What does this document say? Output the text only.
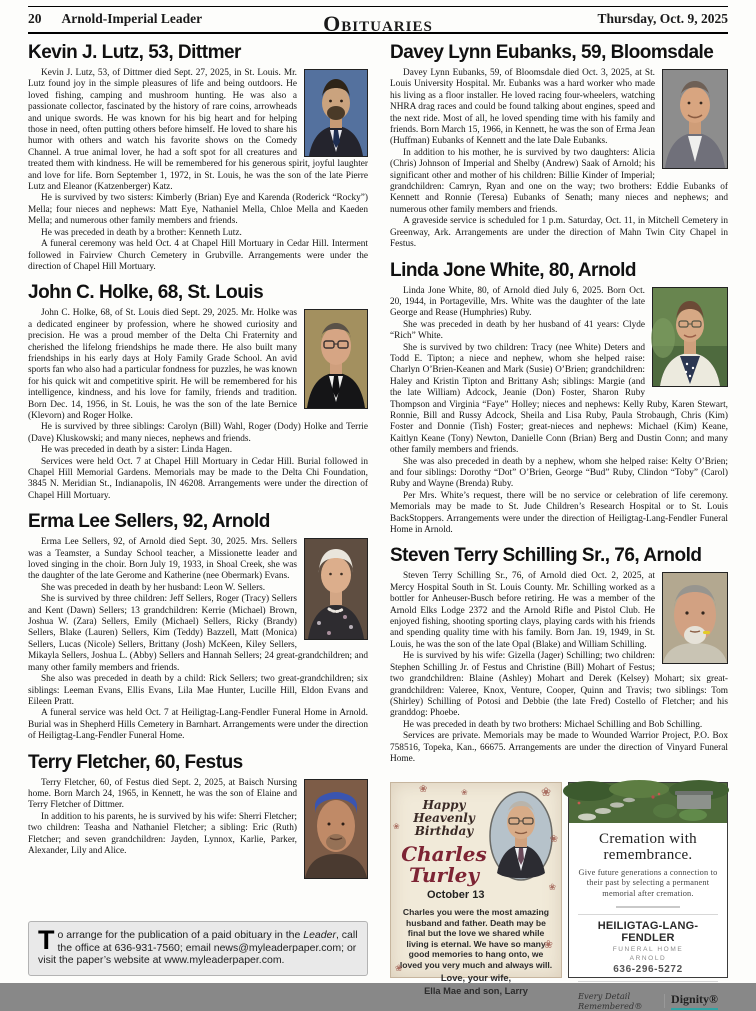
20 Arnold-Imperial Leader	Obituaries	Thursday, Oct. 9, 2025
Kevin J. Lutz, 53, Dittmer

Kevin J. Lutz, 53, of Dittmer died Sept. 27, 2025, in St. Louis. Mr. Lutz found joy in the simple pleasures of life and being outdoors. He loved fishing, camping and mushroom hunting. He was also a passionate collector, fascinated by the history of rare coins, arrowheads and unique swords. He was known for his big heart and for helping those in need, often putting others before himself. He loved to share his humor with others and watch his favorite shows on the Comedy Channel. A true animal lover, he had a soft spot for all creatures and treated them with kindness. He will be remembered for his generous spirit, joyful laughter and love for life. Born September 1, 1972, in St. Louis, he was the son of the late Pierre Lutz and Eleanor (Katzenberger) Katz.

He is survived by two sisters: Kimberly (Brian) Eye and Karenda (Roderick “Rocky”) Mella; four nieces and nephews: Matt Eye, Nathaniel Mella, Chloe Mella and Kaeden Mella; and numerous other family members and friends.

He was preceded in death by a brother: Kenneth Lutz.

A funeral ceremony was held Oct. 4 at Chapel Hill Mortuary in Cedar Hill. Interment followed in Fairview Church Cemetery in Grubville. Arrangements were under the direction of Chapel Hill Mortuary.

John C. Holke, 68, St. Louis

John C. Holke, 68, of St. Louis died Sept. 29, 2025. Mr. Holke was a dedicated engineer by profession, where he showed curiosity and precision. He was a proud member of the Delta Chi Fraternity and cherished the lifelong friendships he made there. He also built many friendships in his early days at Holy Family Grade School. An avid sports fan who also had a particular fondness for puzzles, he was known for his quick wit and competitive spirit. He will be remembered for his intelligence, kindness, and his love for family, friends and tradition. Born Dec. 14, 1956, in St. Louis, he was the son of the late Bernice (Klevorn) and Roger Holke.

He is survived by three siblings: Carolyn (Bill) Wahl, Roger (Dody) Holke and Terrie (Dave) Kluskowski; and many nieces, nephews and friends.

He was preceded in death by a sister: Linda Hagen.

Services were held Oct. 7 at Chapel Hill Mortuary in Cedar Hill. Burial followed in Chapel Hill Memorial Gardens. Memorials may be made to the Delta Chi Foundation, 3845 N. Meridian St., Indianapolis, IN 46208. Arrangements were under the direction of Chapel Hill Mortuary.

Erma Lee Sellers, 92, Arnold

Erma Lee Sellers, 92, of Arnold died Sept. 30, 2025. Mrs. Sellers was a Teamster, a Sunday School teacher, a Missionette leader and loved singing in the choir. Born July 19, 1933, in Shoal Creek, she was the daughter of the late Gerome and Katherine (nee Obermark) Evans.

She was preceded in death by her husband: Leon W. Sellers.

She is survived by three children: Jeff Sellers, Roger (Tracy) Sellers and Kent (Dawn) Sellers; 13 grandchildren: Kerrie (Michael) Brown, Joshua W. (Zara) Sellers, Emily (Michael) Sellers, Ricky (Brandy) Sellers, Blake (Lauren) Sellers, Kim (Teddy) Bazzell, Matt (Monica) Sellers, Lucas (Nicole) Sellers, Brittany (Josh) McKeen, Kiley Sellers, Mikayla Sellers, Joshua L. (Abby) Sellers and Hannah Sellers; 24 great-grandchildren; and many other family members and friends.

She also was preceded in death by a child: Rick Sellers; two great-grandchildren; six siblings: Leeman Evans, Ellis Evans, Lila Mae Hunter, Lucille Hill, Eldon Evans and Eileen Pratt.

A funeral service was held Oct. 7 at Heiligtag-Lang-Fendler Funeral Home in Arnold. Burial was in Shepherd Hills Cemetery in Barnhart. Arrangements were under the direction of Heiligtag-Lang-Fendler Funeral Home.

Terry Fletcher, 60, Festus

Terry Fletcher, 60, of Festus died Sept. 2, 2025, at Baisch Nursing home. Born March 24, 1965, in Kennett, he was the son of Elaine and Terry Fletcher of Dittmer.

In addition to his parents, he is survived by his wife: Sherri Fletcher; two children: Teasha and Nathaniel Fletcher; a sibling: Eric (Ruth) Fletcher; and seven grandchildren: Jayden, Lynnox, Karlie, Parker, Alexander, Lily and Alice.

To arrange for the publication of a paid obituary in the Leader, call the office at 636-931-7560; email news@myleaderpaper.com; or visit the paper’s website at www.myleaderpaper.com.
Davey Lynn Eubanks, 59, Bloomsdale

Davey Lynn Eubanks, 59, of Bloomsdale died Oct. 3, 2025, at St. Louis University Hospital. Mr. Eubanks was a hard worker who made his living as a floor installer. He loved racing four-wheelers, watching NHRA drag races and could be found talking about engines, speed and the next ride. Most of all, he loved spending time with his family and friends. Born March 15, 1966, in Kennett, he was the son of Erma Jean (Huffman) Eubanks of Kennett and the late Dale Eubanks.

In addition to his mother, he is survived by two daughters: Alicia (Chris) Johnson of Imperial and Shelby (Andrew) Saak of Arnold; his significant other and mother of his children: Billie Kinder of Imperial; grandchildren: Camryn, Ryan and one on the way; two brothers: Eddie Eubanks of Kennett and Ronnie (Teresa) Eubanks of Senath; many nieces and nephews; and numerous other family members and friends.

A graveside service is scheduled for 1 p.m. Saturday, Oct. 11, in Mitchell Cemetery in Greenway, Ark. Arrangements are under the direction of Mahn Twin City Chapel in Festus.

Linda Jone White, 80, Arnold

Linda Jone White, 80, of Arnold died July 6, 2025. Born Oct. 20, 1944, in Portageville, Mrs. White was the daughter of the late George and Rease (Humphries) Ruby.

She was preceded in death by her husband of 41 years: Clyde “Rich” White.

She is survived by two children: Tracy (nee White) Deters and Todd E. Tipton; a niece and nephew, whom she helped raise: Charlyn O’Brien-Keanen and Mark (Susie) O’Brien; grandchildren: Haley and Kristin Tipton and Brittany Ash; siblings: Margie (and the late William) Adcock, Jeanie (Don) Foster, Sharon Ruby Thompson and Virginia “Faye” Holley; nieces and nephews: Kelly Ruby, Karen Stewart, Ronnie, Bill and Russy Adcock, Sheila and Lisa Ruby, Paula Strobaugh, Chris (Kim) Foster and Donnie (Tish) Foster; great-nieces and nephews: Michael (Kim) Keane, Kaitlyn Keane (Tony) Newton, Danielle Conn (Brian) Berg and Dustin Conn; and many other family members and friends.

She was also preceded in death by a nephew, whom she helped raise: Kelty O’Brien; and four siblings: Dorothy “Dot” O’Brien, George “Bud” Ruby, Clindon “Toby” (Carol) Ruby and Wayne (Brenda) Ruby.

Per Mrs. White’s request, there will be no service or celebration of life ceremony. Memorials may be made to St. Jude Children’s Research Hospital or to St. Louis BackStoppers. Arrangements were under the direction of Heiligtag-Lang-Fendler Funeral Home in Arnold.

Steven Terry Schilling Sr., 76, Arnold

Steven Terry Schilling Sr., 76, of Arnold died Oct. 2, 2025, at Mercy Hospital South in St. Louis County. Mr. Schilling worked as a bottler for Anheuser-Busch before retiring. He was a member of the Arnold Elks Lodge 2372 and the Arnold Rifle and Pistol Club. He enjoyed fishing, shooting sporting clays, playing cards with his friends and spending quality time with his family. Born Jan. 19, 1949, in St. Louis, he was the son of the late Opal (Blake) and William Schilling.

He is survived by his wife: Gizella (Jager) Schilling; two children: Stephen Schilling Jr. of Festus and Christine (Bill) Mohart of Festus; two grandchildren: Blaine (Ashley) Mohart and Derek (Kelsey) Mohart; six great-grandchildren: Valeree, Knox, Venture, Cooper, Quinn and Travis; two siblings: Tom (Shirley) Schilling of Potosi and Debbie (the late Fred) Costello of Fletcher; and his granddog: Phoebe.

He was preceded in death by two brothers: Michael Schilling and Bob Schilling.

Services are private. Memorials may be made to Wounded Warrior Project, P.O. Box 758516, Topeka, Kan., 66675. Arrangements are under the direction of Vinyard Funeral Home.

❀	❀	❀
❀
❀
❀
❀
❀
Happy Heavenly
Birthday
Charles
Turley
October 13
Charles you were the most amazing husband and father. Death may be final but the love we shared while living is eternal. We have so many good memories to hang onto, we loved you very much and always will.
Love, your wife,
Ella Mae and son, Larry
Cremation with
remembrance.
Give future generations a connection to their past by selecting a permanent memorial after cremation.
HEILIGTAG-LANG-FENDLER
FUNERAL HOME
ARNOLD
636-296-5272
Every Detail Remembered®	Dignity®
